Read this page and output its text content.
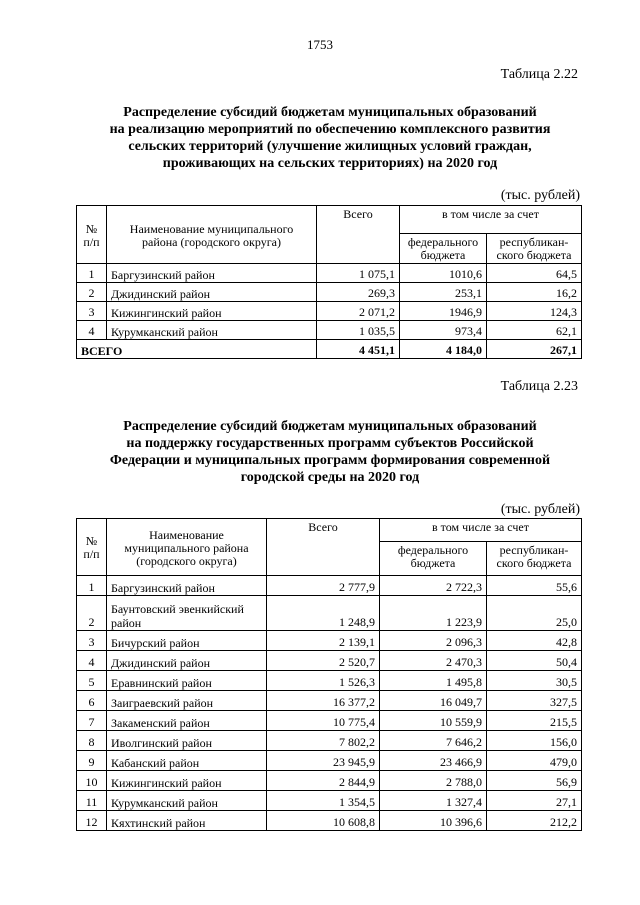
1753
Таблица 2.22
Распределение субсидий бюджетам муниципальных образований
на реализацию мероприятий по обеспечению комплексного развития
сельских территорий (улучшение жилищных условий граждан,
проживающих на сельских территориях) на 2020 год
(тыс. рублей)
№ п/п	Наименование муниципального района (городского округа)	Всего	в том числе за счет	
			федерального бюджета	республикан-ского бюджета
1	Баргузинский район	1 075,1	1010,6	64,5
2	Джидинский район	269,3	253,1	16,2
3	Кижингинский район	2 071,2	1946,9	124,3
4	Курумканский район	1 035,5	973,4	62,1
ВСЕГО		4 451,1	4 184,0	267,1
Таблица 2.23
Распределение субсидий бюджетам муниципальных образований
на поддержку государственных программ субъектов Российской
Федерации и муниципальных программ формирования современной
городской среды на 2020 год
(тыс. рублей)
№ п/п	Наименование муниципального района (городского округа)	Всего	в том числе за счет	
			федерального бюджета	республикан-ского бюджета
1	Баргузинский район	2 777,9	2 722,3	55,6
2	Баунтовский эвенкийский район	1 248,9	1 223,9	25,0
3	Бичурский район	2 139,1	2 096,3	42,8
4	Джидинский район	2 520,7	2 470,3	50,4
5	Еравнинский район	1 526,3	1 495,8	30,5
6	Заиграевский район	16 377,2	16 049,7	327,5
7	Закаменский район	10 775,4	10 559,9	215,5
8	Иволгинский район	7 802,2	7 646,2	156,0
9	Кабанский район	23 945,9	23 466,9	479,0
10	Кижингинский район	2 844,9	2 788,0	56,9
11	Курумканский район	1 354,5	1 327,4	27,1
12	Кяхтинский район	10 608,8	10 396,6	212,2
